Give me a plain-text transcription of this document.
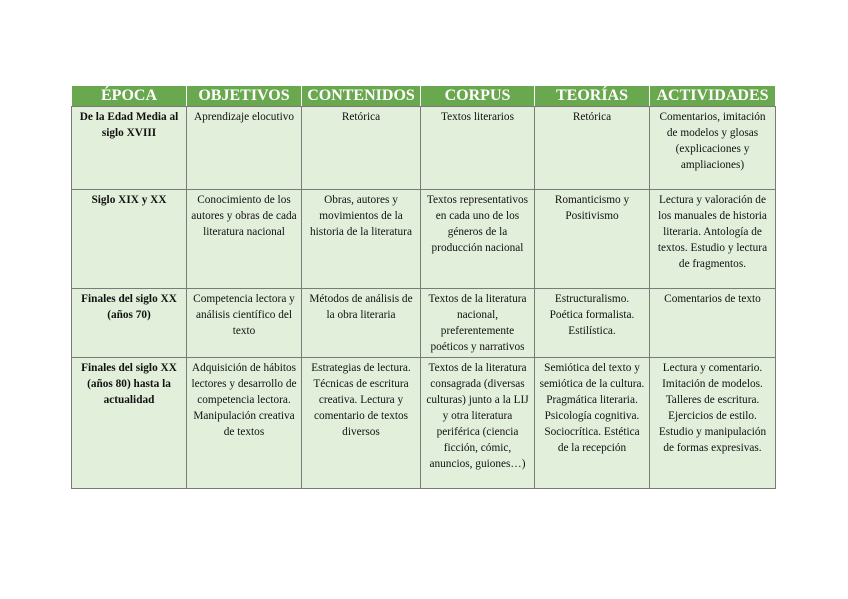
ÉPOCA	OBJETIVOS	CONTENIDOS	CORPUS	TEORÍAS	ACTIVIDADES
De la Edad Media al siglo XVIII	Aprendizaje elocutivo	Retórica	Textos literarios	Retórica	Comentarios, imitación de modelos y glosas (explicaciones y ampliaciones)
Siglo XIX y XX	Conocimiento de los autores y obras de cada literatura nacional	Obras, autores y movimientos de la historia de la literatura	Textos representativos en cada uno de los géneros de la producción nacional	Romanticismo y Positivismo	Lectura y valoración de los manuales de historia literaria. Antología de textos. Estudio y lectura de fragmentos.
Finales del siglo XX (años 70)	Competencia lectora y análisis científico del texto	Métodos de análisis de la obra literaria	Textos de la literatura nacional, preferentemente poéticos y narrativos	Estructuralismo. Poética formalista. Estilística.	Comentarios de texto
Finales del siglo XX (años 80) hasta la actualidad	Adquisición de hábitos lectores y desarrollo de competencia lectora. Manipulación creativa de textos	Estrategias de lectura. Técnicas de escritura creativa. Lectura y comentario de textos diversos	Textos de la literatura consagrada (diversas culturas) junto a la LIJ y otra literatura periférica (ciencia ficción, cómic, anuncios, guiones…)	Semiótica del texto y semiótica de la cultura. Pragmática literaria. Psicología cognitiva. Sociocrítica. Estética de la recepción	Lectura y comentario. Imitación de modelos. Talleres de escritura. Ejercicios de estilo. Estudio y manipulación de formas expresivas.
